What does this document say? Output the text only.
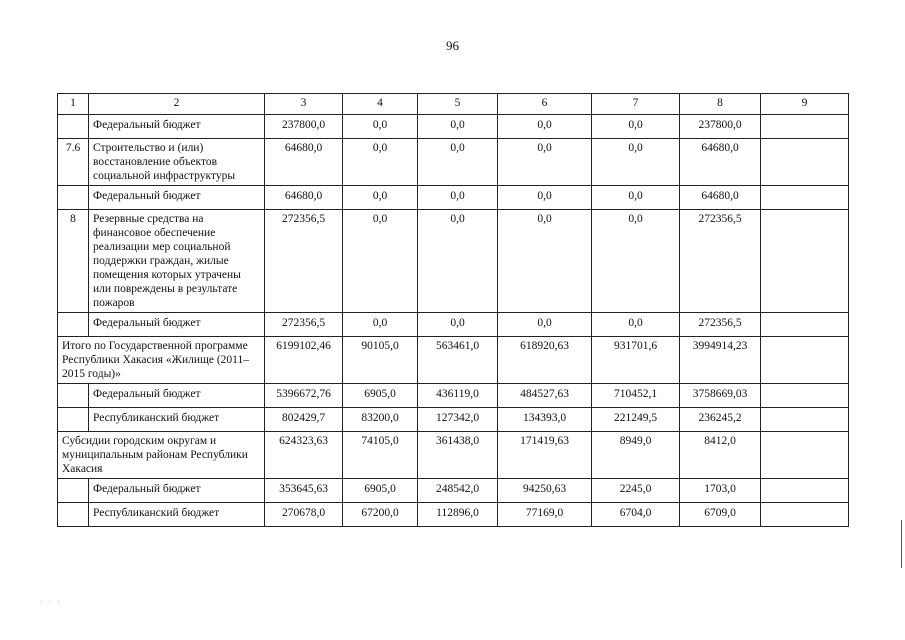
96
1	2	3	4	5	6	7	8	9
	Федеральный бюджет	237800,0	0,0	0,0	0,0	0,0	237800,0	
7.6	Строительство и (или) восстановление объектов социальной инфраструктуры	64680,0	0,0	0,0	0,0	0,0	64680,0	
	Федеральный бюджет	64680,0	0,0	0,0	0,0	0,0	64680,0	
8	Резервные средства на финансовое обеспечение реализации мер социальной поддержки граждан, жилые помещения которых утрачены или повреждены в результате пожаров	272356,5	0,0	0,0	0,0	0,0	272356,5	
	Федеральный бюджет	272356,5	0,0	0,0	0,0	0,0	272356,5	
Итого по Государственной программе Республики Хакасия «Жилище (2011–2015 годы)»		6199102,46	90105,0	563461,0	618920,63	931701,6	3994914,23	
	Федеральный бюджет	5396672,76	6905,0	436119,0	484527,63	710452,1	3758669,03	
	Республиканский бюджет	802429,7	83200,0	127342,0	134393,0	221249,5	236245,2	
Субсидии городским округам и муниципальным районам Республики Хакасия		624323,63	74105,0	361438,0	171419,63	8949,0	8412,0	
	Федеральный бюджет	353645,63	6905,0	248542,0	94250,63	2245,0	1703,0	
	Республиканский бюджет	270678,0	67200,0	112896,0	77169,0	6704,0	6709,0	
· · ·
